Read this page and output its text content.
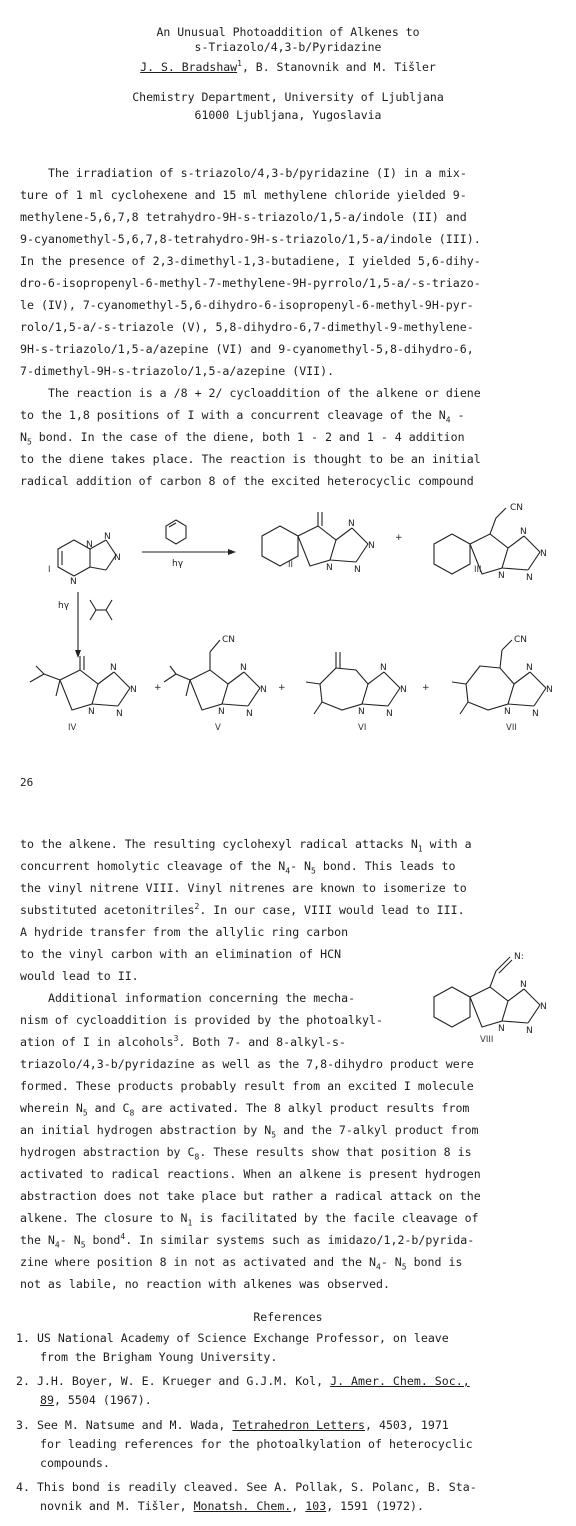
An Unusual Photoaddition of Alkenes to
s-Triazolo/4,3-b/Pyridazine
J. S. Bradshaw$^1$, B. Stanovnik and M. Tišler
Chemistry Department, University of Ljubljana
61000 Ljubljana, Yugoslavia
The irradiation of s-triazolo/4,3-b/pyridazine (I) in a mix-
ture of 1 ml cyclohexene and 15 ml methylene chloride yielded 9-
methylene-5,6,7,8 tetrahydro-9H-s-triazolo/1,5-a/indole (II) and
9-cyanomethyl-5,6,7,8-tetrahydro-9H-s-triazolo/1,5-a/indole (III).
In the presence of 2,3-dimethyl-1,3-butadiene, I yielded 5,6-dihy-
dro-6-isopropenyl-6-methyl-7-methylene-9H-pyrrolo/1,5-a/-s-triazo-
le (IV), 7-cyanomethyl-5,6-dihydro-6-isopropenyl-6-methyl-9H-pyr-
rolo/1,5-a/-s-triazole (V), 5,8-dihydro-6,7-dimethyl-9-methylene-
9H-s-triazolo/1,5-a/azepine (VI) and 9-cyanomethyl-5,8-dihydro-6,
7-dimethyl-9H-s-triazolo/1,5-a/azepine (VII).
The reaction is a /8 + 2/ cycloaddition of the alkene or diene
to the 1,8 positions of I with a concurrent cleavage of the $N_4$ -
$N_5$ bond. In the case of the diene, both 1 - 2 and 1 - 4 addition
to the diene takes place. The reaction is thought to be an initial
radical addition of carbon 8 of the excited heterocyclic compound
N
N
N
N
hγ
N
N
N
N
+
CN
N
N
N
N
hγ
N
N
N
N
+
CN
N
N
N
N
+
N
N
N
N
+
CN
N
N
N
N
I	II	III
IV	V	VI	VII
26
to the alkene. The resulting cyclohexyl radical attacks $N_1$ with a
concurrent homolytic cleavage of the $N_4-$ $N_5$ bond. This leads to
the vinyl nitrene VIII. Vinyl nitrenes are known to isomerize to
substituted acetonitriles$^2$. In our case, VIII would lead to III.
A hydride transfer from the allylic ring carbon
to the vinyl carbon with an elimination of HCN
would lead to II.
N:
N
N
N
N
VIII
Additional information concerning the mecha-
nism of cycloaddition is provided by the photoalkyl-
ation of I in alcohols$^3$. Both 7- and 8-alkyl-s-
triazolo/4,3-b/pyridazine as well as the 7,8-dihydro product were
formed. These products probably result from an excited I molecule
wherein $N_5$ and $C_8$ are activated. The 8 alkyl product results from
an initial hydrogen abstraction by $N_5$ and the 7-alkyl product from
hydrogen abstraction by $C_8$. These results show that position 8 is
activated to radical reactions. When an alkene is present hydrogen
abstraction does not take place but rather a radical attack on the
alkene. The closure to $N_1$ is facilitated by the facile cleavage of
the $N_4-$ $N_5$ bond$^4$. In similar systems such as imidazo/1,2-b/pyrida-
zine where position 8 in not as activated and the $N_4-$ $N_5$ bond is
not as labile, no reaction with alkenes was observed.
References
1. US National Academy of Science Exchange Professor, on leave
from the Brigham Young University.
2. J.H. Boyer, W. E. Krueger and G.J.M. Kol, J. Amer. Chem. Soc.,
89, 5504 (1967).
3. See M. Natsume and M. Wada, Tetrahedron Letters, 4503, 1971
for leading references for the photoalkylation of heterocyclic
compounds.
4. This bond is readily cleaved. See A. Pollak, S. Polanc, B. Sta-
novnik and M. Tišler, Monatsh. Chem., 103, 1591 (1972).
